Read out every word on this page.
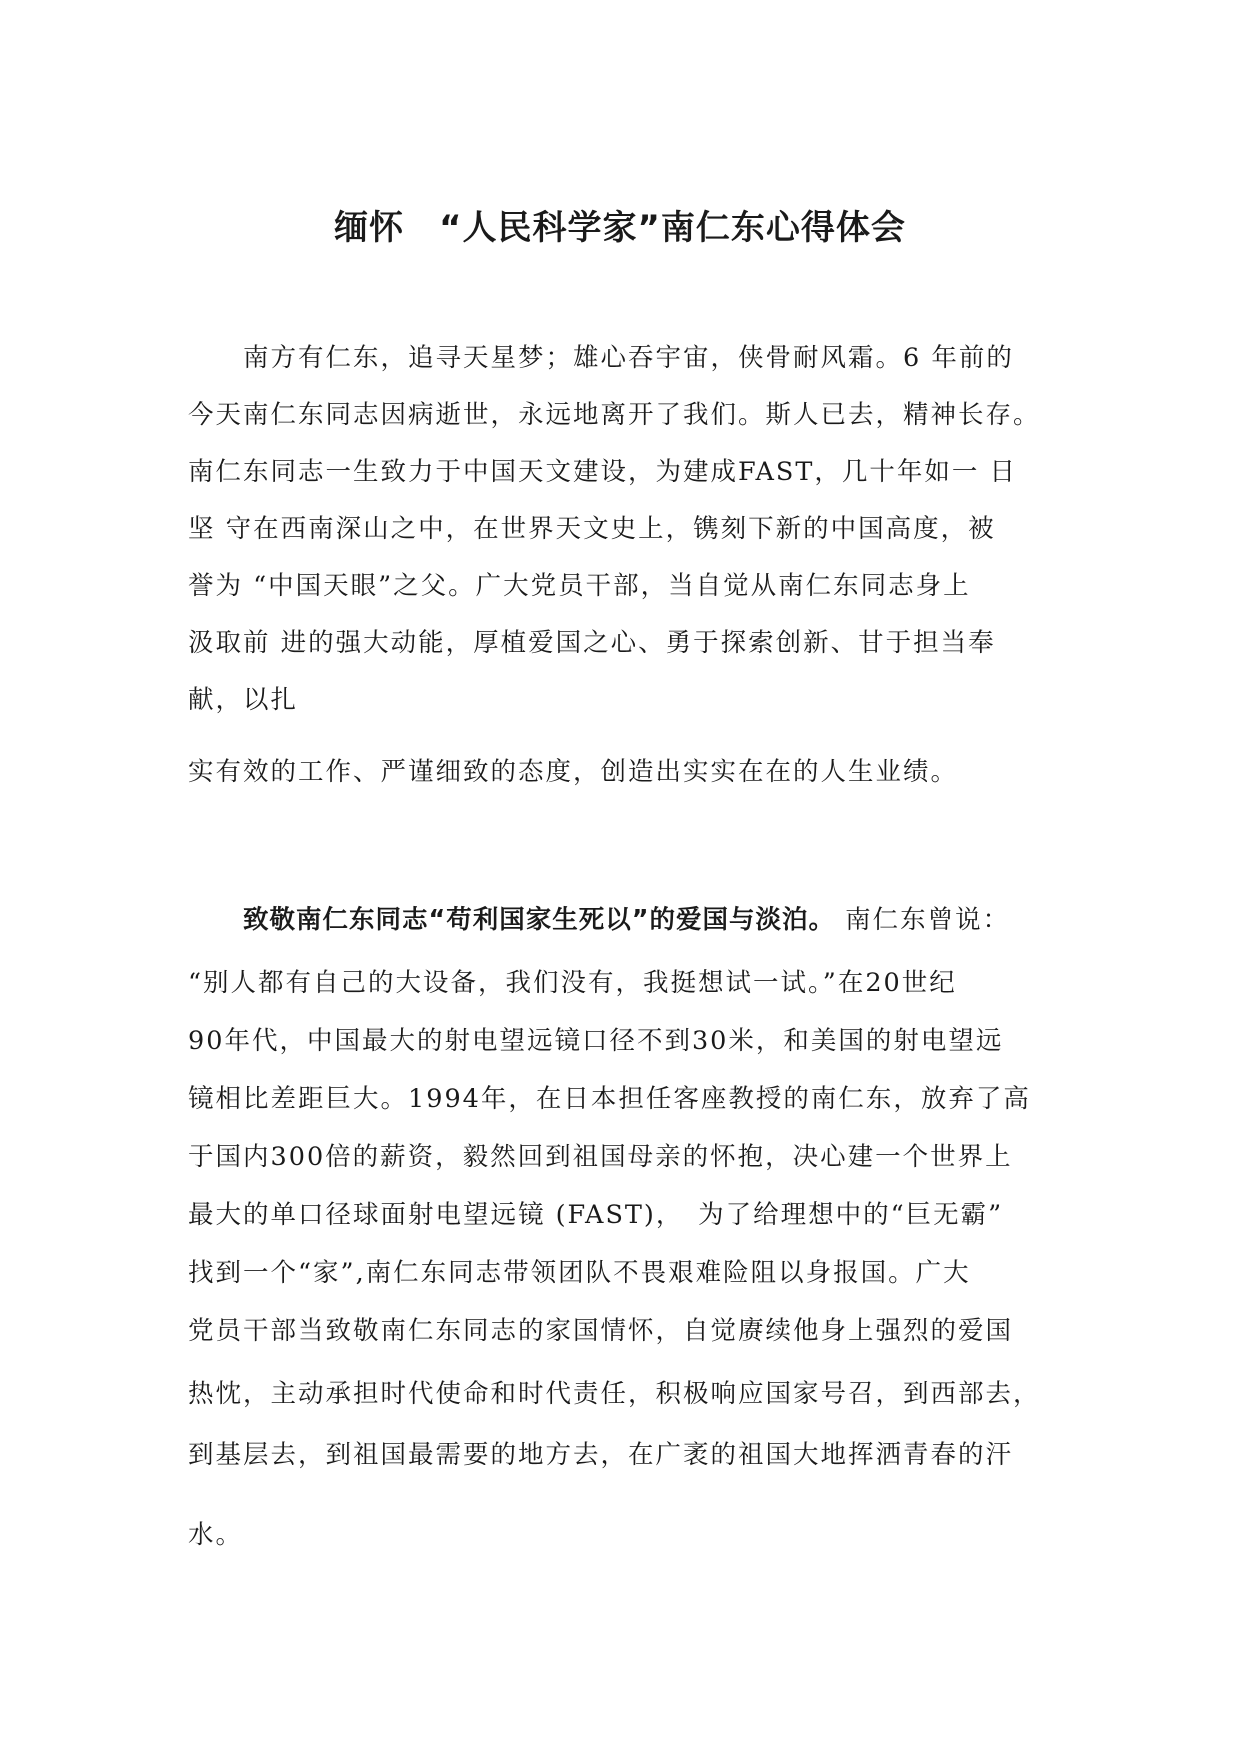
缅怀　“人民科学家”南仁东心得体会
　　南方有仁东，追寻天星梦；雄心吞宇宙，侠骨耐风霜。6 年前的
今天南仁东同志因病逝世，永远地离开了我们。斯人已去，精神长存。
南仁东同志一生致力于中国天文建设，为建成FAST，几十年如一 日
坚 守在西南深山之中，在世界天文史上，镌刻下新的中国高度，被
誉为 “中国天眼”之父。广大党员干部，当自觉从南仁东同志身上
汲取前 进的强大动能，厚植爱国之心、勇于探索创新、甘于担当奉
献，以扎
实有效的工作、严谨细致的态度，创造出实实在在的人生业绩。
　　致敬南仁东同志“苟利国家生死以”的爱国与淡泊。 南仁东曾说：
“别人都有自己的大设备，我们没有，我挺想试一试。”在20世纪
90年代，中国最大的射电望远镜口径不到30米，和美国的射电望远
镜相比差距巨大。1994年，在日本担任客座教授的南仁东，放弃了高
于国内300倍的薪资，毅然回到祖国母亲的怀抱，决心建一个世界上
最大的单口径球面射电望远镜 (FAST)，　为了给理想中的“巨无霸”
找到一个“家”,南仁东同志带领团队不畏艰难险阻以身报国。广大
党员干部当致敬南仁东同志的家国情怀，自觉赓续他身上强烈的爱国
热忱，主动承担时代使命和时代责任，积极响应国家号召，到西部去，
到基层去，到祖国最需要的地方去，在广袤的祖国大地挥洒青春的汗
水。
